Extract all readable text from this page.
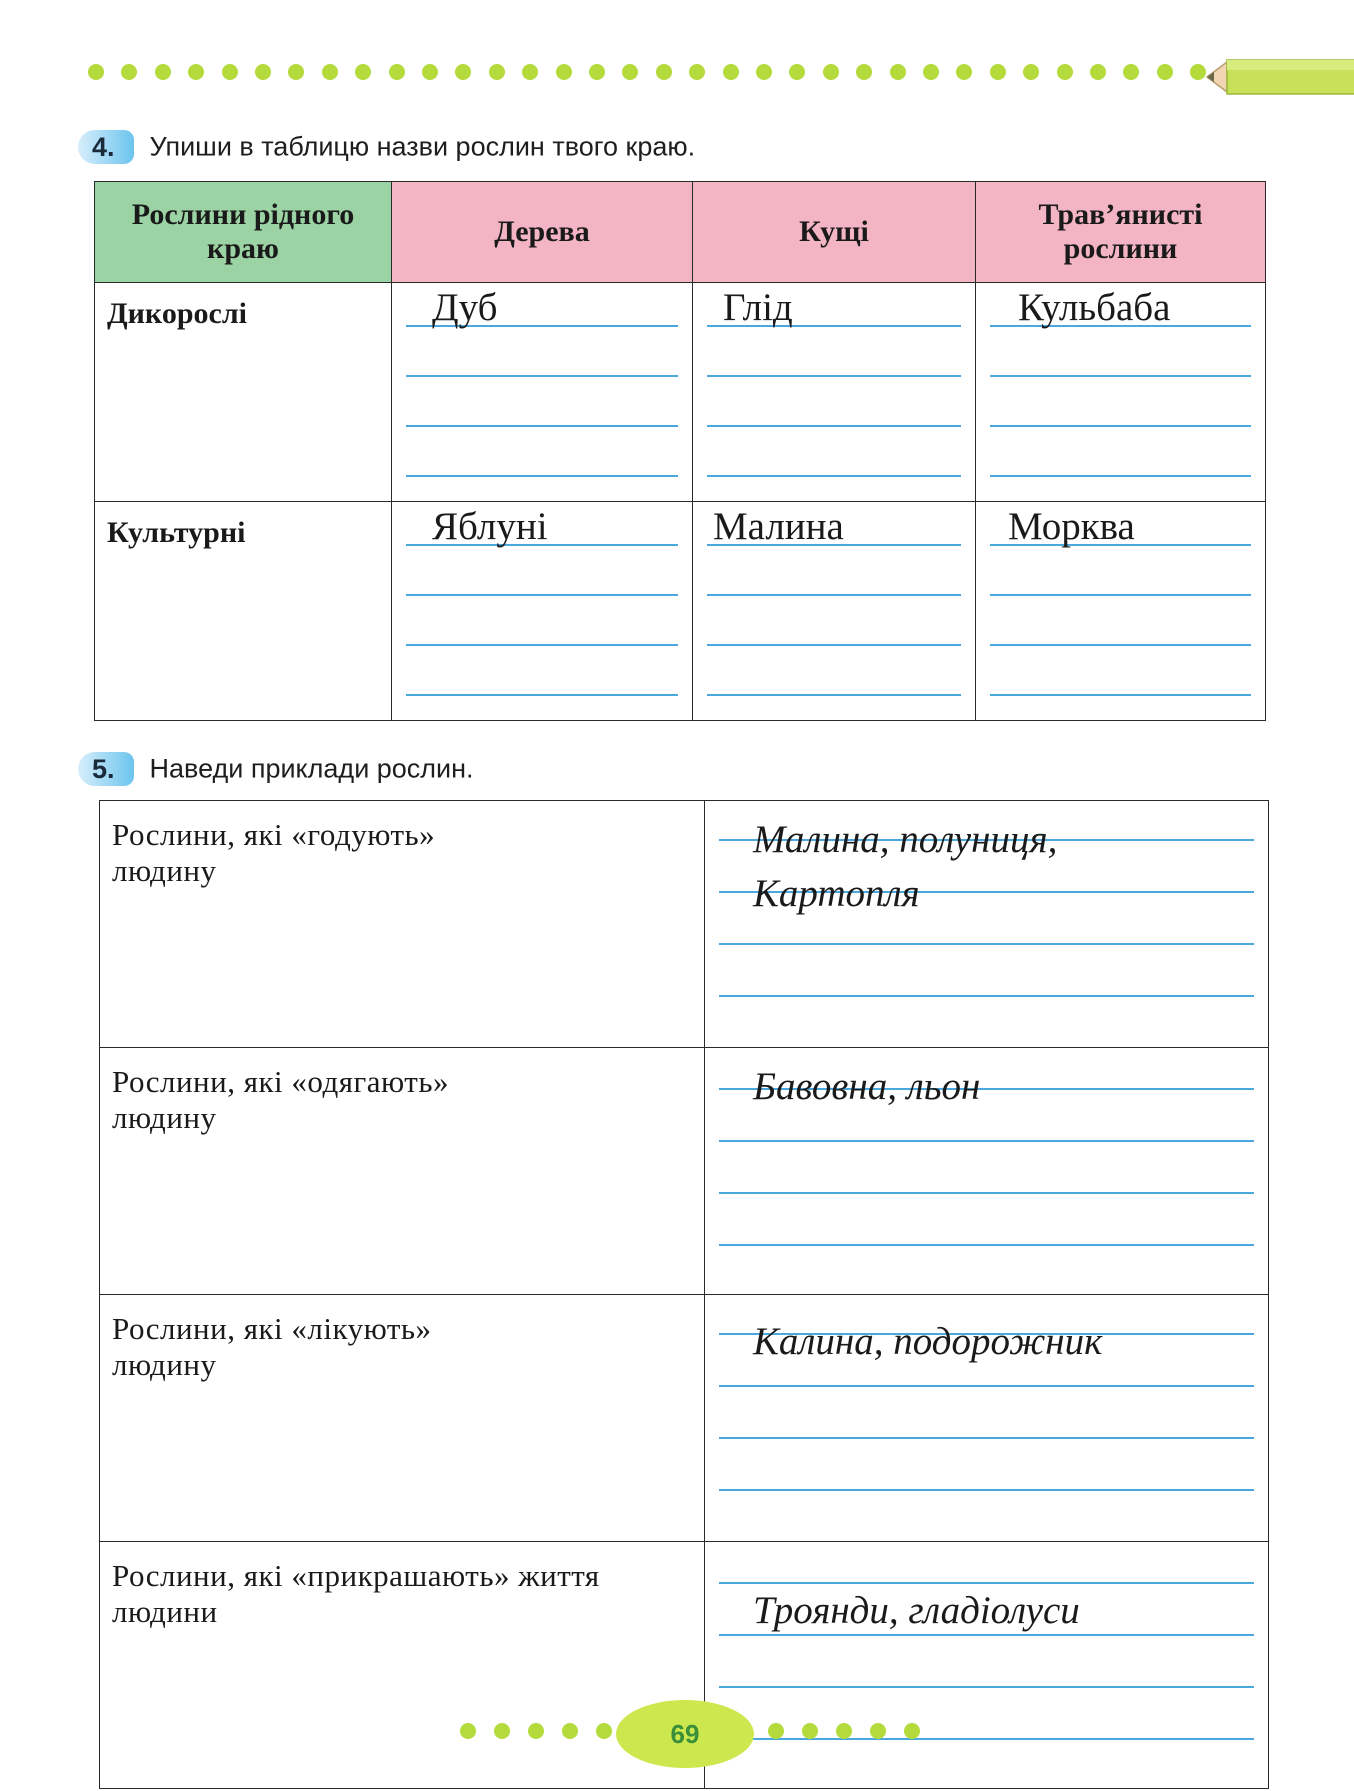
4. Упиши в таблицю назви рослин твого краю.
Рослини рідного краю	Дерева	Кущі	Трав’янисті рослини
Дикорослі	Дуб	Глід	Кульбаба

Культурні	Яблуні	Малина	Морква
5. Наведи приклади рослин.
Рослини, які «годують» людину	Малина, полуниця,
Картопля

Рослини, які «одягають» людину	Бавовна, льон

Рослини, які «лікують» людину	Калина, подорожник

Рослини, які «прикрашають» життя людини	Троянди, гладіолуси
69
